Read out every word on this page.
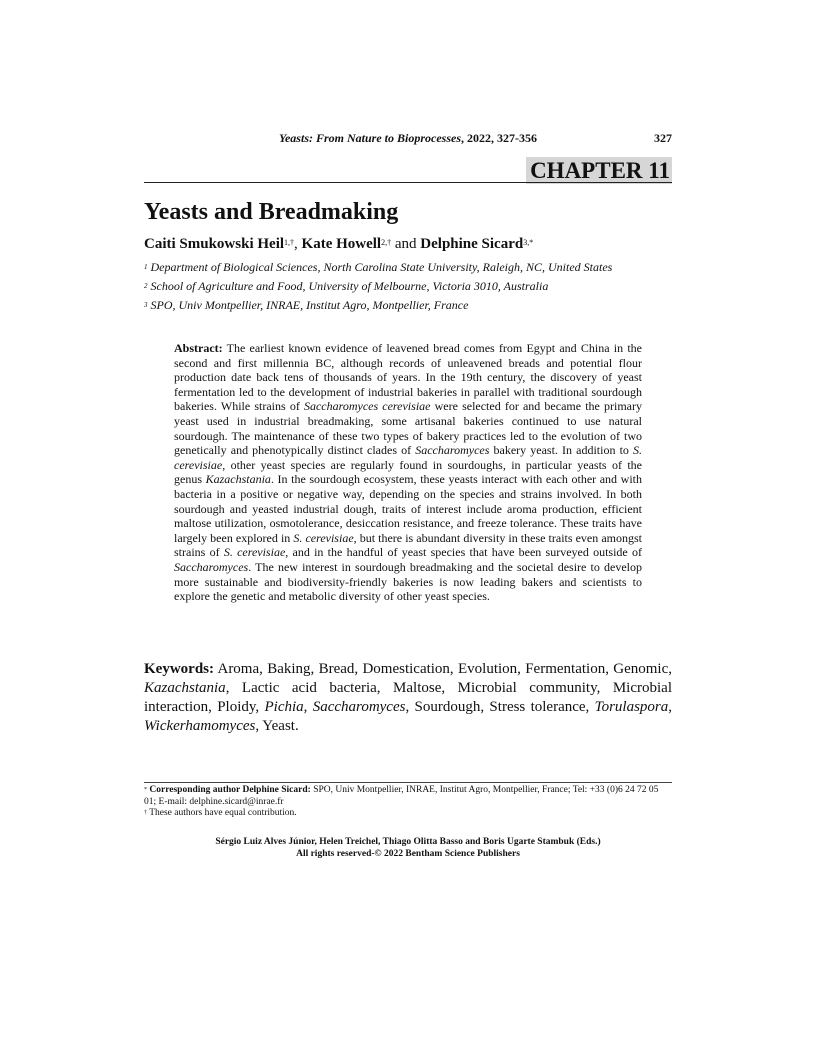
Yeasts: From Nature to Bioprocesses, 2022, 327-356	327
CHAPTER 11
Yeasts and Breadmaking
Caiti Smukowski Heil$^{1,\dagger}$, Kate Howell$^{2,\dagger}$ and Delphine Sicard$^{3,*}$
$^1$ Department of Biological Sciences, North Carolina State University, Raleigh, NC, United States
$^2$ School of Agriculture and Food, University of Melbourne, Victoria 3010, Australia
$^3$ SPO, Univ Montpellier, INRAE, Institut Agro, Montpellier, France

Abstract: The earliest known evidence of leavened bread comes from Egypt and China in the second and first millennia BC, although records of unleavened breads and potential flour production date back tens of thousands of years. In the 19th century, the discovery of yeast fermentation led to the development of industrial bakeries in parallel with traditional sourdough bakeries. While strains of Saccharomyces cerevisiae were selected for and became the primary yeast used in industrial breadmaking, some artisanal bakeries continued to use natural sourdough. The maintenance of these two types of bakery practices led to the evolution of two genetically and phenotypically distinct clades of Saccharomyces bakery yeast. In addition to S. cerevisiae, other yeast species are regularly found in sourdoughs, in particular yeasts of the genus Kazachstania. In the sourdough ecosystem, these yeasts interact with each other and with bacteria in a positive or negative way, depending on the species and strains involved. In both sourdough and yeasted industrial dough, traits of interest include aroma production, efficient maltose utilization, osmotolerance, desiccation resistance, and freeze tolerance. These traits have largely been explored in S. cerevisiae, but there is abundant diversity in these traits even amongst strains of S. cerevisiae, and in the handful of yeast species that have been surveyed outside of Saccharomyces. The new interest in sourdough breadmaking and the societal desire to develop more sustainable and biodiversity-friendly bakeries is now leading bakers and scientists to explore the genetic and metabolic diversity of other yeast species.

Keywords: Aroma, Baking, Bread, Domestication, Evolution, Fermentation, Genomic, Kazachstania, Lactic acid bacteria, Maltose, Microbial community, Microbial interaction, Ploidy, Pichia, Saccharomyces, Sourdough, Stress tolerance, Torulaspora, Wickerhamomyces, Yeast.

* Corresponding author Delphine Sicard: SPO, Univ Montpellier, INRAE, Institut Agro, Montpellier, France; Tel: +33 (0)6 24 72 05 01; E-mail: delphine.sicard@inrae.fr

† These authors have equal contribution.

Sérgio Luiz Alves Júnior, Helen Treichel, Thiago Olitta Basso and Boris Ugarte Stambuk (Eds.)
All rights reserved-© 2022 Bentham Science Publishers
